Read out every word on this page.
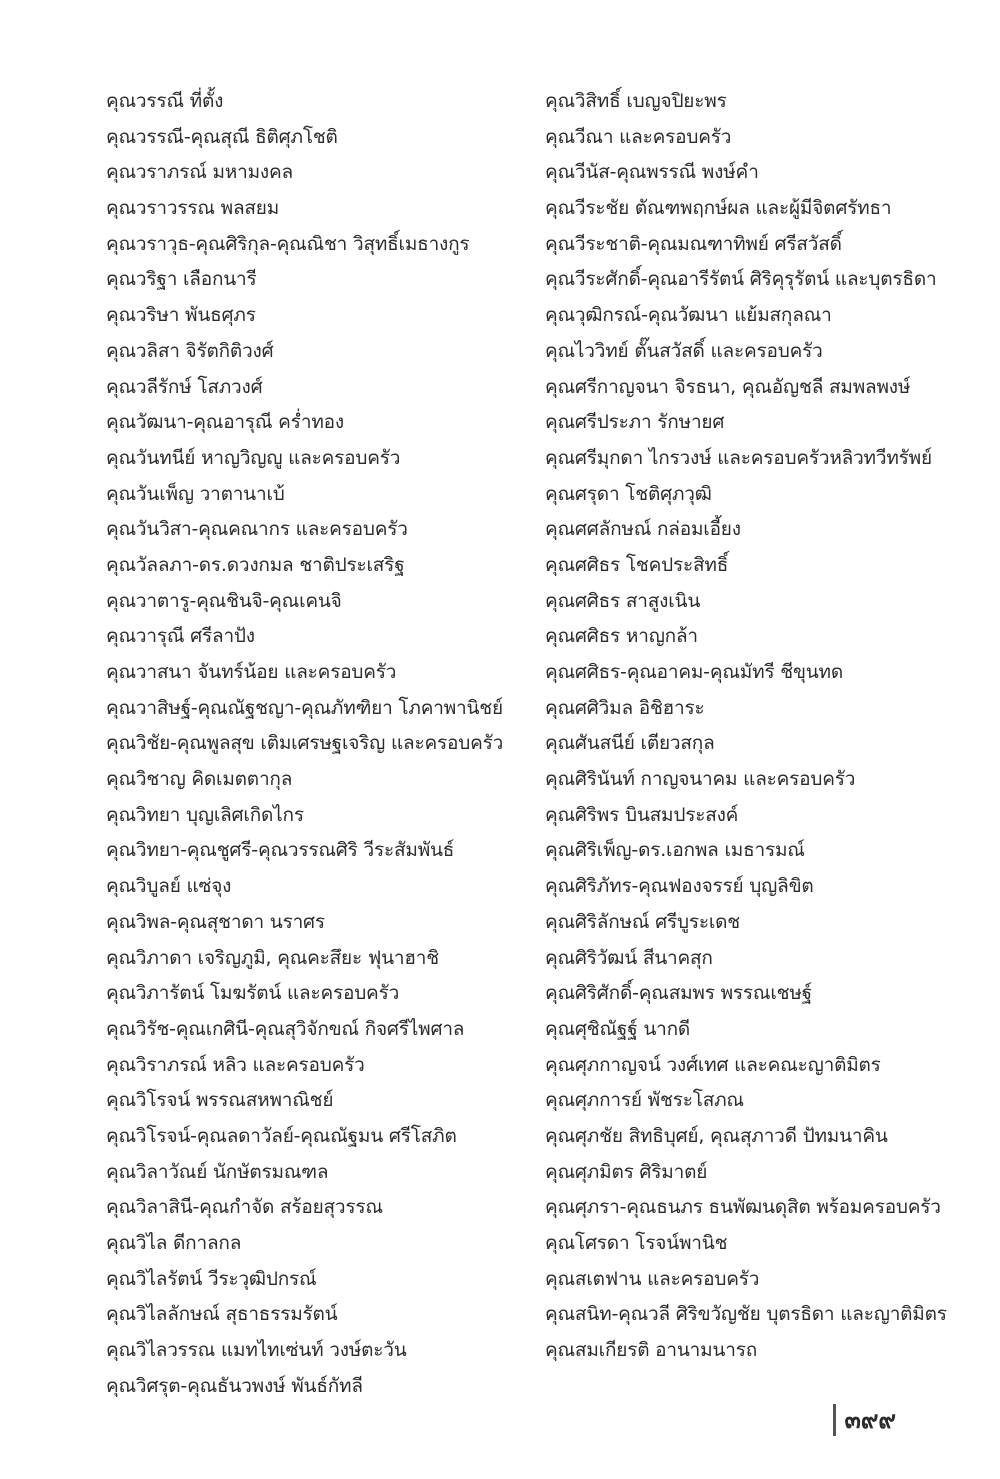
คุณวรรณี ที่ตั้ง
คุณวรรณี-คุณสุณี ธิติศุภโชติ
คุณวราภรณ์ มหามงคล
คุณวราวรรณ พลสยม
คุณวราวุธ-คุณศิริกุล-คุณณิชา วิสุทธิ์เมธางกูร
คุณวริฐา เลือกนารี
คุณวริษา พันธศุภร
คุณวลิสา จิรัตกิติวงศ์
คุณวลีรักษ์ โสภวงศ์
คุณวัฒนา-คุณอารุณี คร่ำทอง
คุณวันทนีย์ หาญวิญญู และครอบครัว
คุณวันเพ็ญ วาตานาเบ้
คุณวันวิสา-คุณคณากร และครอบครัว
คุณวัลลภา-ดร.ดวงกมล ชาติประเสริฐ
คุณวาตารู-คุณชินจิ-คุณเคนจิ
คุณวารุณี ศรีลาปัง
คุณวาสนา จันทร์น้อย และครอบครัว
คุณวาสิษฐ์-คุณณัฐชญา-คุณภัทฑิยา โภคาพานิชย์
คุณวิชัย-คุณพูลสุข เติมเศรษฐเจริญ และครอบครัว
คุณวิชาญ คิดเมตตากุล
คุณวิทยา บุญเลิศเกิดไกร
คุณวิทยา-คุณชูศรี-คุณวรรณศิริ วีระสัมพันธ์
คุณวิบูลย์ แซ่จุง
คุณวิพล-คุณสุชาดา นราศร
คุณวิภาดา เจริญภูมิ, คุณคะสึยะ ฟุนาฮาชิ
คุณวิภารัตน์ โมฆรัตน์ และครอบครัว
คุณวิรัช-คุณเกศินี-คุณสุวิจักขณ์ กิจศรีไพศาล
คุณวิราภรณ์ หลิว และครอบครัว
คุณวิโรจน์ พรรณสหพาณิชย์
คุณวิโรจน์-คุณลดาวัลย์-คุณณัฐมน ศรีโสภิต
คุณวิลาวัณย์ นักษัตรมณฑล
คุณวิลาสินี-คุณกำจัด สร้อยสุวรรณ
คุณวิไล ดีกาลกล
คุณวิไลรัตน์ วีระวุฒิปกรณ์
คุณวิไลลักษณ์ สุธาธรรมรัตน์
คุณวิไลวรรณ แมทไทเซ่นท์ วงษ์ตะวัน
คุณวิศรุต-คุณธันวพงษ์ พันธ์กัทลี
คุณวิสิทธิ์ เบญจปิยะพร
คุณวีณา และครอบครัว
คุณวีนัส-คุณพรรณี พงษ์คำ
คุณวีระชัย ตัณฑพฤกษ์ผล และผู้มีจิตศรัทธา
คุณวีระชาติ-คุณมณฑาทิพย์ ศรีสวัสดิ์
คุณวีระศักดิ์-คุณอารีรัตน์ ศิริคุรุรัตน์ และบุตรธิดา
คุณวุฒิกรณ์-คุณวัฒนา แย้มสกุลณา
คุณไววิทย์ ตั๊นสวัสดิ์ และครอบครัว
คุณศรีกาญจนา จิรธนา, คุณอัญชลี สมพลพงษ์
คุณศรีประภา รักษายศ
คุณศรีมุกดา ไกรวงษ์ และครอบครัวหลิวทวีทรัพย์
คุณศรุดา โชติศุภวุฒิ
คุณศศลักษณ์ กล่อมเอี้ยง
คุณศศิธร โชคประสิทธิ์
คุณศศิธร สาสูงเนิน
คุณศศิธร หาญกล้า
คุณศศิธร-คุณอาคม-คุณมัทรี ชีขุนทด
คุณศศิวิมล อิชิฮาระ
คุณศันสนีย์ เตียวสกุล
คุณศิรินันท์ กาญจนาคม และครอบครัว
คุณศิริพร บินสมประสงค์
คุณศิริเพ็ญ-ดร.เอกพล เมธารมณ์
คุณศิริภัทร-คุณฟองจรรย์ บุญลิขิต
คุณศิริลักษณ์ ศรีบูระเดช
คุณศิริวัฒน์ สีนาคสุก
คุณศิริศักดิ์-คุณสมพร พรรณเชษฐ์
คุณศุชิณัฐฐ์ นากดี
คุณศุภกาญจน์ วงศ์เทศ และคณะญาติมิตร
คุณศุภการย์ พัชระโสภณ
คุณศุภชัย สิทธิบุศย์, คุณสุภาวดี ปัทมนาคิน
คุณศุภมิตร ศิริมาตย์
คุณศุภรา-คุณธนภร ธนพัฒนดุสิต พร้อมครอบครัว
คุณโศรดา โรจน์พานิช
คุณสเตฟาน และครอบครัว
คุณสนิท-คุณวลี ศิริขวัญชัย บุตรธิดา และญาติมิตร
คุณสมเกียรติ อานามนารถ
๓๙๙
